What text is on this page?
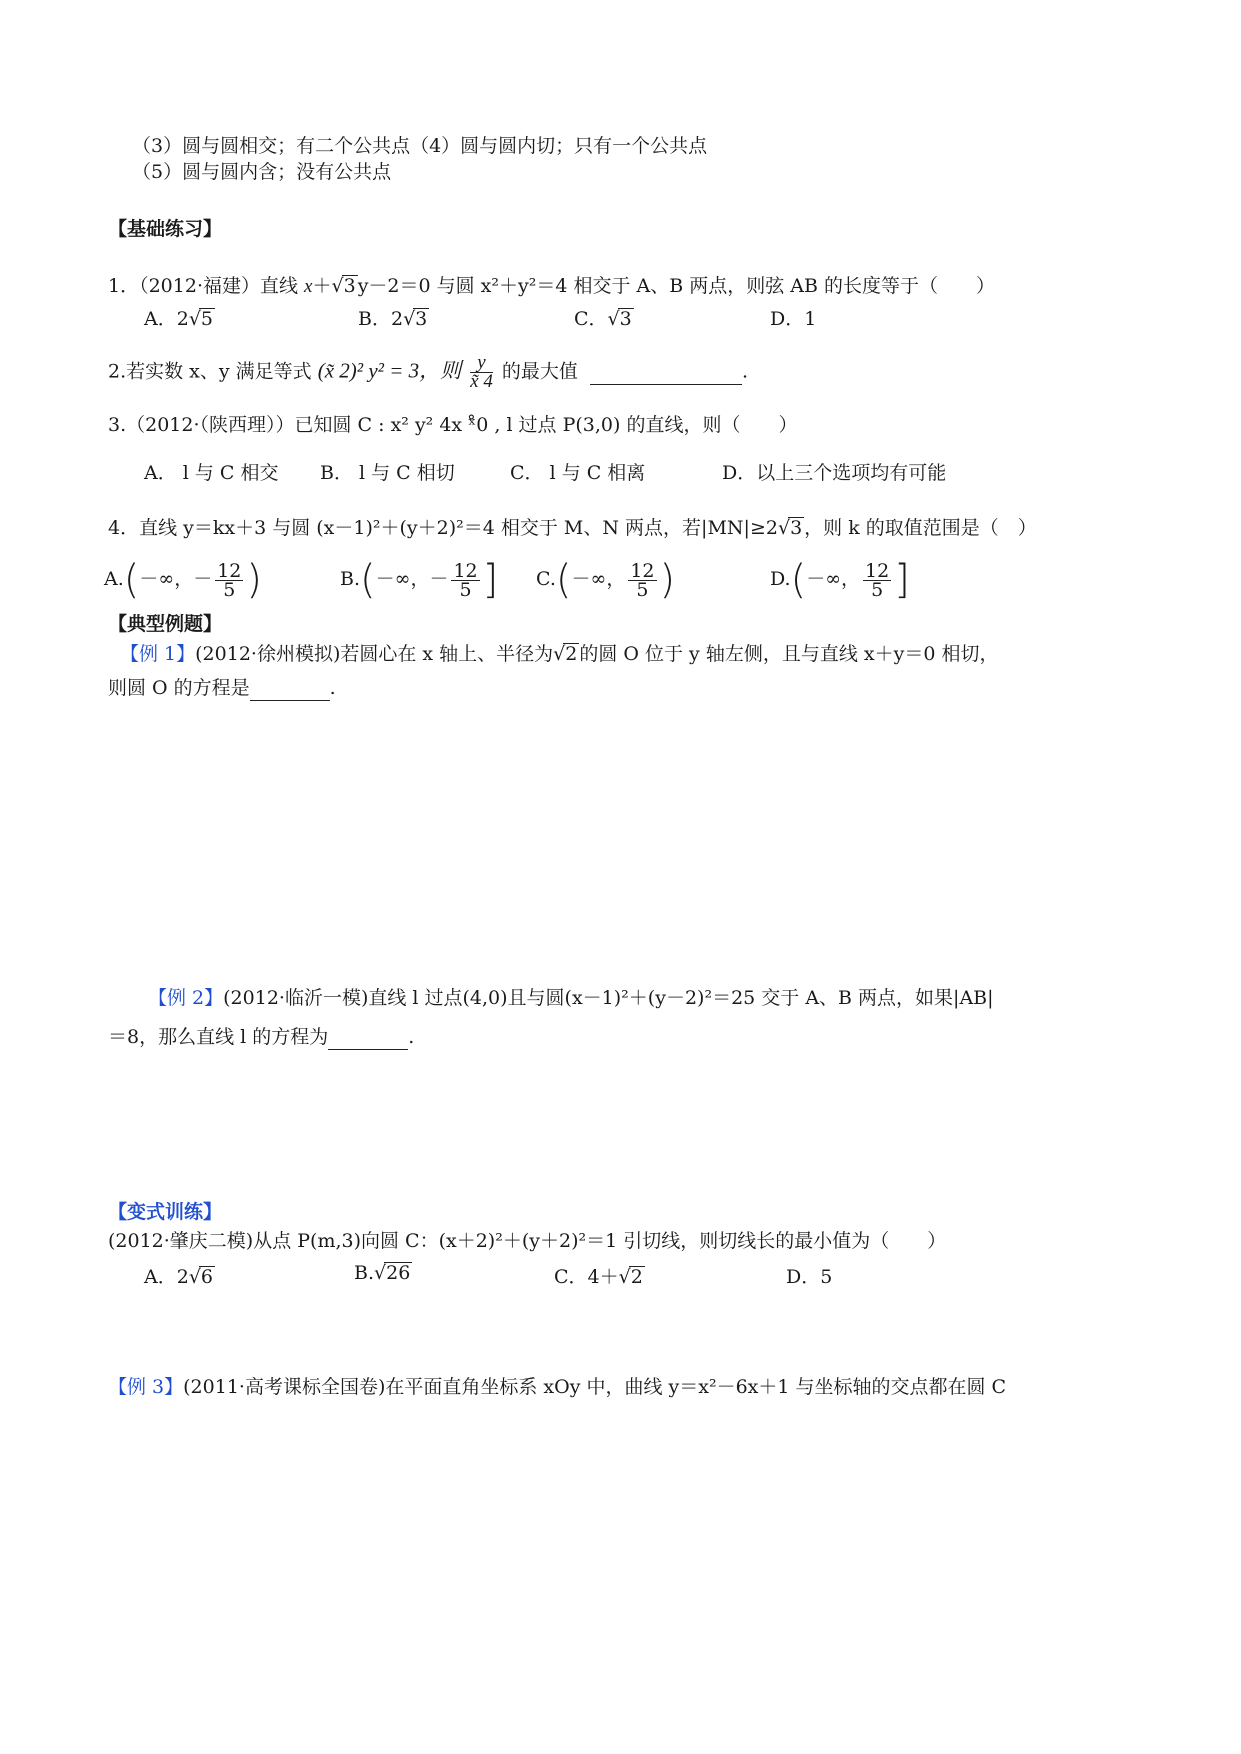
（3）圆与圆相交；有二个公共点（4）圆与圆内切；只有一个公共点
（5）圆与圆内含；没有公共点
【基础练习】
1．（2012·福建）直线 x＋√3 y－2＝0 与圆 x²＋y²＝4 相交于 A、B 两点，则弦 AB 的长度等于（　　）
A．2√5	B．2√3	C．√3	D．1
2.若实数 x、y 满足等式 (x̃ 2)² y² = 3，则 $\frac{y}{x̃ 4}$ 的最大值	.
3.（2012·（陕西理））已知圆 C : x² y² 4x ˣ̊0 , l 过点 P(3,0) 的直线，则（　　）
A． l 与 C 相交 B． l 与 C 相切	C． l 与 C 相离	D．以上三个选项均有可能
4．直线 y＝kx＋3 与圆 (x－1)²＋(y＋2)²＝4 相交于 M、N 两点，若|MN|≥2√3 ，则 k 的取值范围是（　）
A.(－∞，－ $\frac{12}{5}$ )	B.(－∞，－ $\frac{12}{5}$ ] C.(－∞， $\frac{12}{5}$ )	D.(－∞， $\frac{12}{5}$ ]
【典型例题】
【例 1】(2012·徐州模拟)若圆心在 x 轴上、半径为√2 的圆 O 位于 y 轴左侧，且与直线 x＋y＝0 相切，
则圆 O 的方程是	.
【例 2】(2012·临沂一模)直线 l 过点(4,0)且与圆(x－1)²＋(y－2)²＝25 交于 A、B 两点，如果|AB|
＝8，那么直线 l 的方程为	.
【变式训练】
(2012·肇庆二模)从点 P(m,3)向圆 C：(x＋2)²＋(y＋2)²＝1 引切线，则切线长的最小值为（　　）
A．2√6	B.√26	C．4＋√2	D．5
【例 3】(2011·高考课标全国卷)在平面直角坐标系 xOy 中，曲线 y＝x²－6x＋1 与坐标轴的交点都在圆 C
